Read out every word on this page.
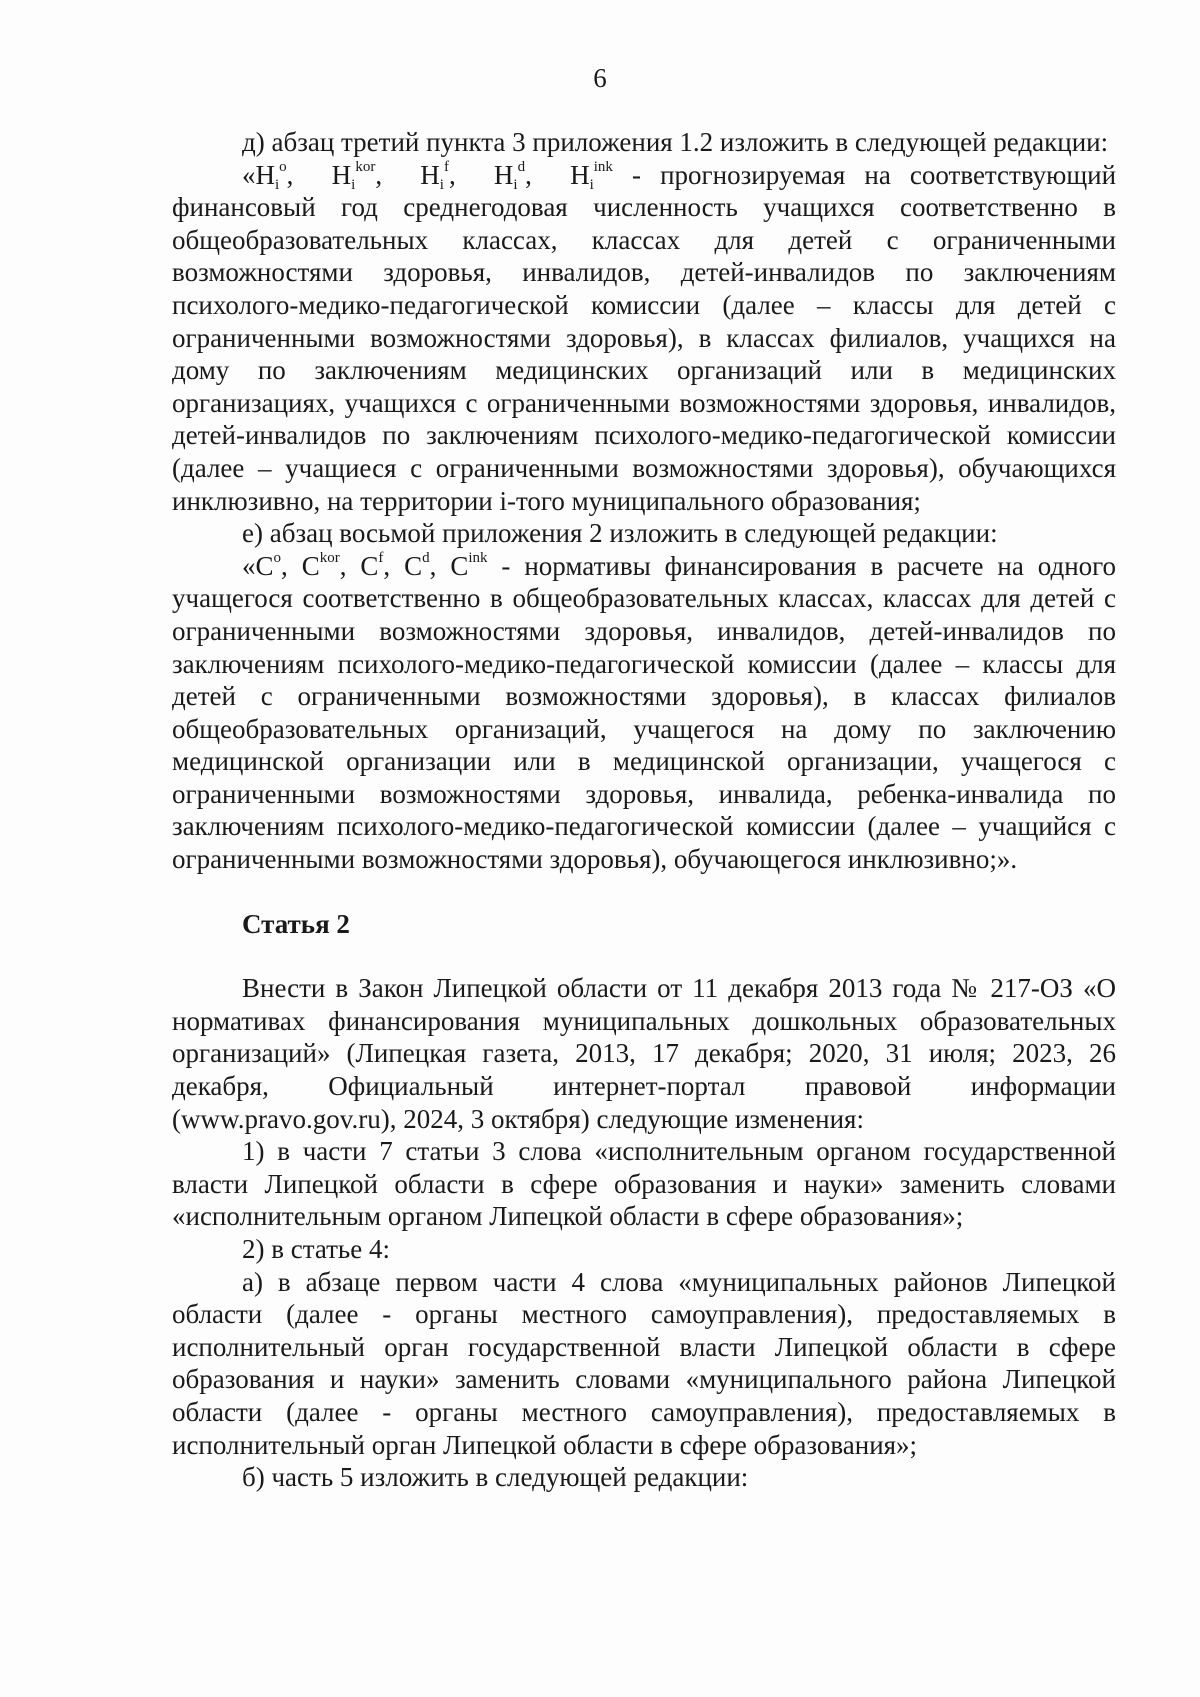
6

д) абзац третий пункта 3 приложения 1.2 изложить в следующей редакции:

«$Н_i^o$,  $Н_i^{kor}$,  $Н_i^f$,  $Н_i^d$,  $Н_i^{ink}$ - прогнозируемая на соответствующий финансовый год среднегодовая численность учащихся соответственно в общеобразовательных классах, классах для детей с ограниченными возможностями здоровья, инвалидов, детей-инвалидов по заключениям психолого-медико-педагогической комиссии (далее – классы для детей с ограниченными возможностями здоровья), в классах филиалов, учащихся на дому по заключениям медицинских организаций или в медицинских организациях, учащихся с ограниченными возможностями здоровья, инвалидов, детей-инвалидов по заключениям психолого-медико-педагогической комиссии (далее – учащиеся с ограниченными возможностями здоровья), обучающихся инклюзивно, на территории i-того муниципального образования;

е) абзац восьмой приложения 2 изложить в следующей редакции:

«$С^o$, $С^{kor}$, $С^f$, $С^d$, $С^{ink}$ - нормативы финансирования в расчете на одного учащегося соответственно в общеобразовательных классах, классах для детей с ограниченными возможностями здоровья, инвалидов, детей-инвалидов по заключениям психолого-медико-педагогической комиссии (далее – классы для детей с ограниченными возможностями здоровья), в классах филиалов общеобразовательных организаций, учащегося на дому по заключению медицинской организации или в медицинской организации, учащегося с ограниченными возможностями здоровья, инвалида, ребенка-инвалида по заключениям психолого-медико-педагогической комиссии (далее – учащийся с ограниченными возможностями здоровья), обучающегося инклюзивно;».

Статья 2

Внести в Закон Липецкой области от 11 декабря 2013 года № 217-ОЗ «О нормативах финансирования муниципальных дошкольных образовательных организаций» (Липецкая газета, 2013, 17 декабря; 2020, 31 июля; 2023, 26 декабря, Официальный интернет-портал правовой информации (www.pravo.gov.ru), 2024, 3 октября) следующие изменения:

1) в части 7 статьи 3 слова «исполнительным органом государственной власти Липецкой области в сфере образования и науки» заменить словами «исполнительным органом Липецкой области в сфере образования»;

2) в статье 4:

а) в абзаце первом части 4 слова «муниципальных районов Липецкой области (далее - органы местного самоуправления), предоставляемых в исполнительный орган государственной власти Липецкой области в сфере образования и науки» заменить словами «муниципального района Липецкой области (далее - органы местного самоуправления), предоставляемых в исполнительный орган Липецкой области в сфере образования»;

б) часть 5 изложить в следующей редакции:
